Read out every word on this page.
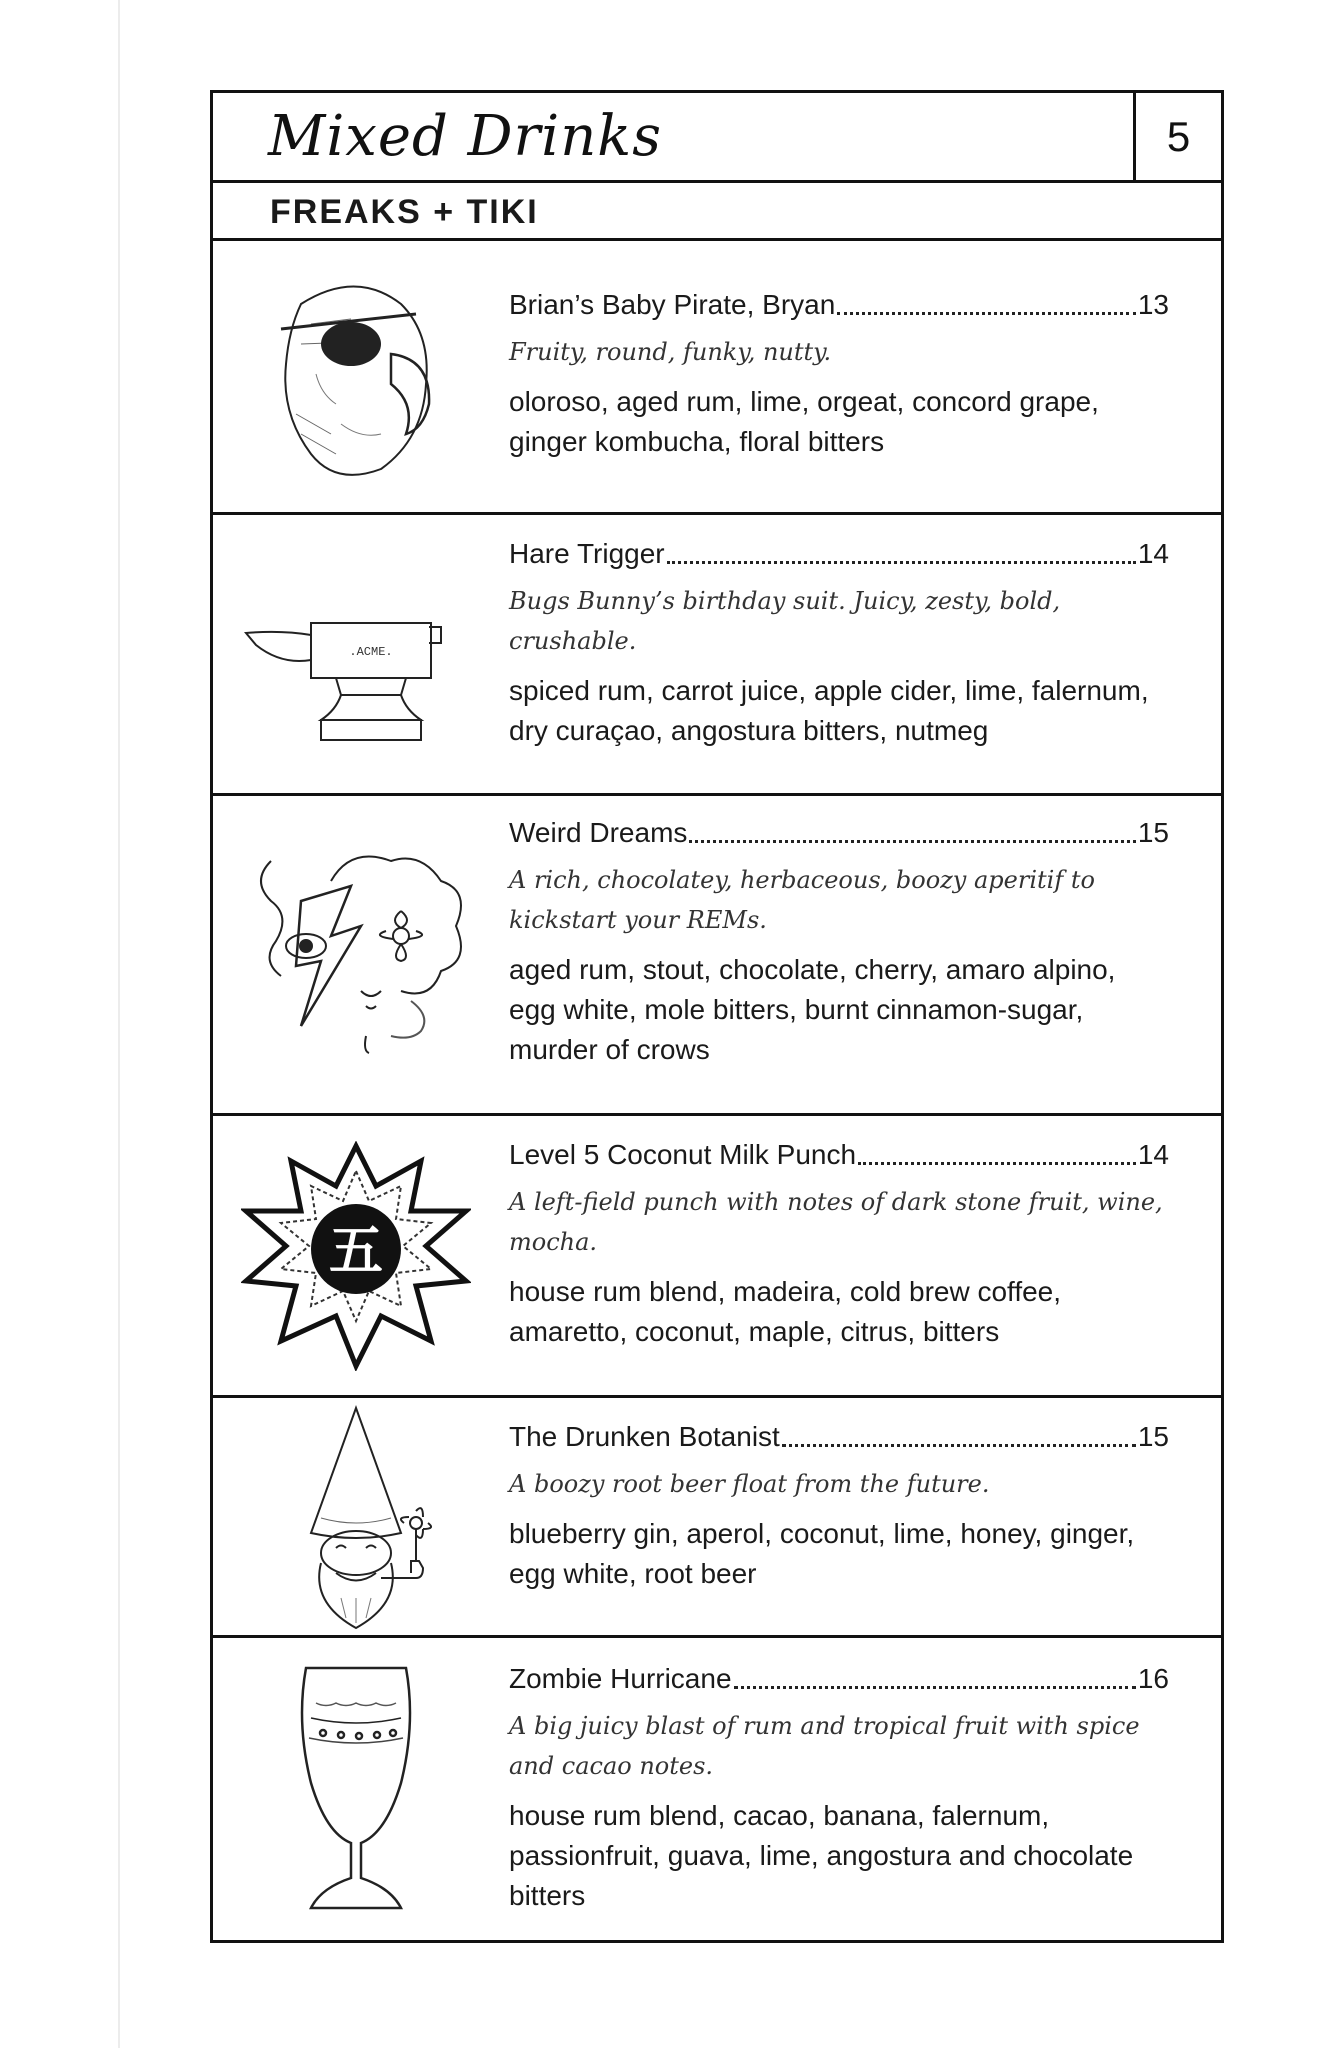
Mixed Drinks	5
FREAKS + TIKI
Brian’s Baby Pirate, Bryan	13
Fruity, round, funky, nutty.
oloroso, aged rum, lime, orgeat, concord grape, ginger kombucha, floral bitters
.ACME.
Hare Trigger	14
Bugs Bunny’s birthday suit. Juicy, zesty, bold, crushable.
spiced rum, carrot juice, apple cider, lime, falernum, dry curaçao, angostura bitters, nutmeg
Weird Dreams	15
A rich, chocolatey, herbaceous, boozy aperitif to kickstart your REMs.
aged rum, stout, chocolate, cherry, amaro alpino, egg white, mole bitters, burnt cinnamon-sugar, murder of crows
五
Level 5 Coconut Milk Punch	14
A left-field punch with notes of dark stone fruit, wine, mocha.
house rum blend, madeira, cold brew coffee, amaretto, coconut, maple, citrus, bitters
The Drunken Botanist	15
A boozy root beer float from the future.
blueberry gin, aperol, coconut, lime, honey, ginger, egg white, root beer
Zombie Hurricane	16
A big juicy blast of rum and tropical fruit with spice and cacao notes.
house rum blend, cacao, banana, falernum, passionfruit, guava, lime, angostura and chocolate bitters
